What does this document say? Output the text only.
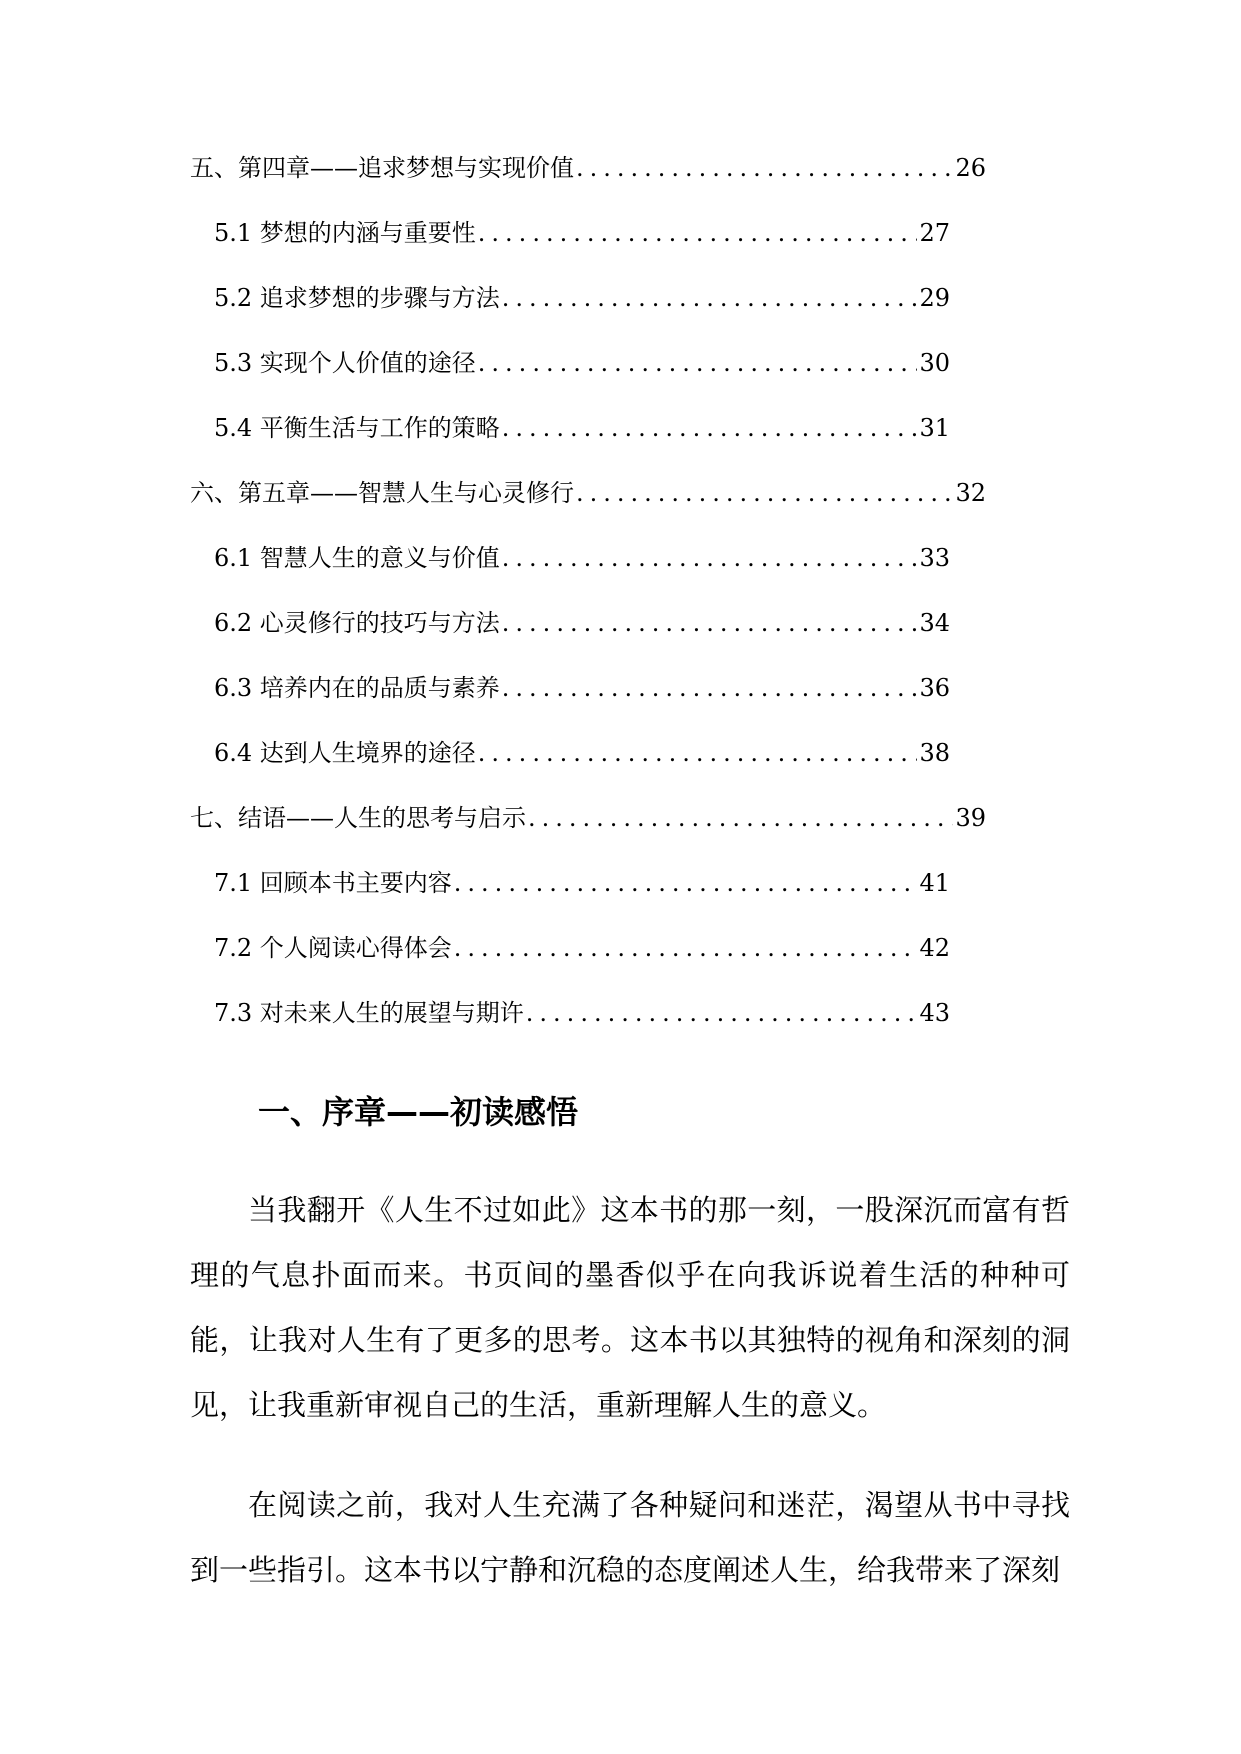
五、第四章——追求梦想与实现价值 .....	26
5.1 梦想的内涵与重要性 .....	27
5.2 追求梦想的步骤与方法 .....	29
5.3 实现个人价值的途径 .....	30
5.4 平衡生活与工作的策略 .....	31
六、第五章——智慧人生与心灵修行 .....	32
6.1 智慧人生的意义与价值 .....	33
6.2 心灵修行的技巧与方法 .....	34
6.3 培养内在的品质与素养 .....	36
6.4 达到人生境界的途径 .....	38
七、结语——人生的思考与启示 .....	39
7.1 回顾本书主要内容 .....	41
7.2 个人阅读心得体会 .....	42
7.3 对未来人生的展望与期许 .....	43
一、序章——初读感悟

当我翻开《人生不过如此》这本书的那一刻，一股深沉而富有哲理的气息扑面而来。书页间的墨香似乎在向我诉说着生活的种种可能，让我对人生有了更多的思考。这本书以其独特的视角和深刻的洞见，让我重新审视自己的生活，重新理解人生的意义。

在阅读之前，我对人生充满了各种疑问和迷茫，渴望从书中寻找到一些指引。这本书以宁静和沉稳的态度阐述人生，给我带来了深刻
